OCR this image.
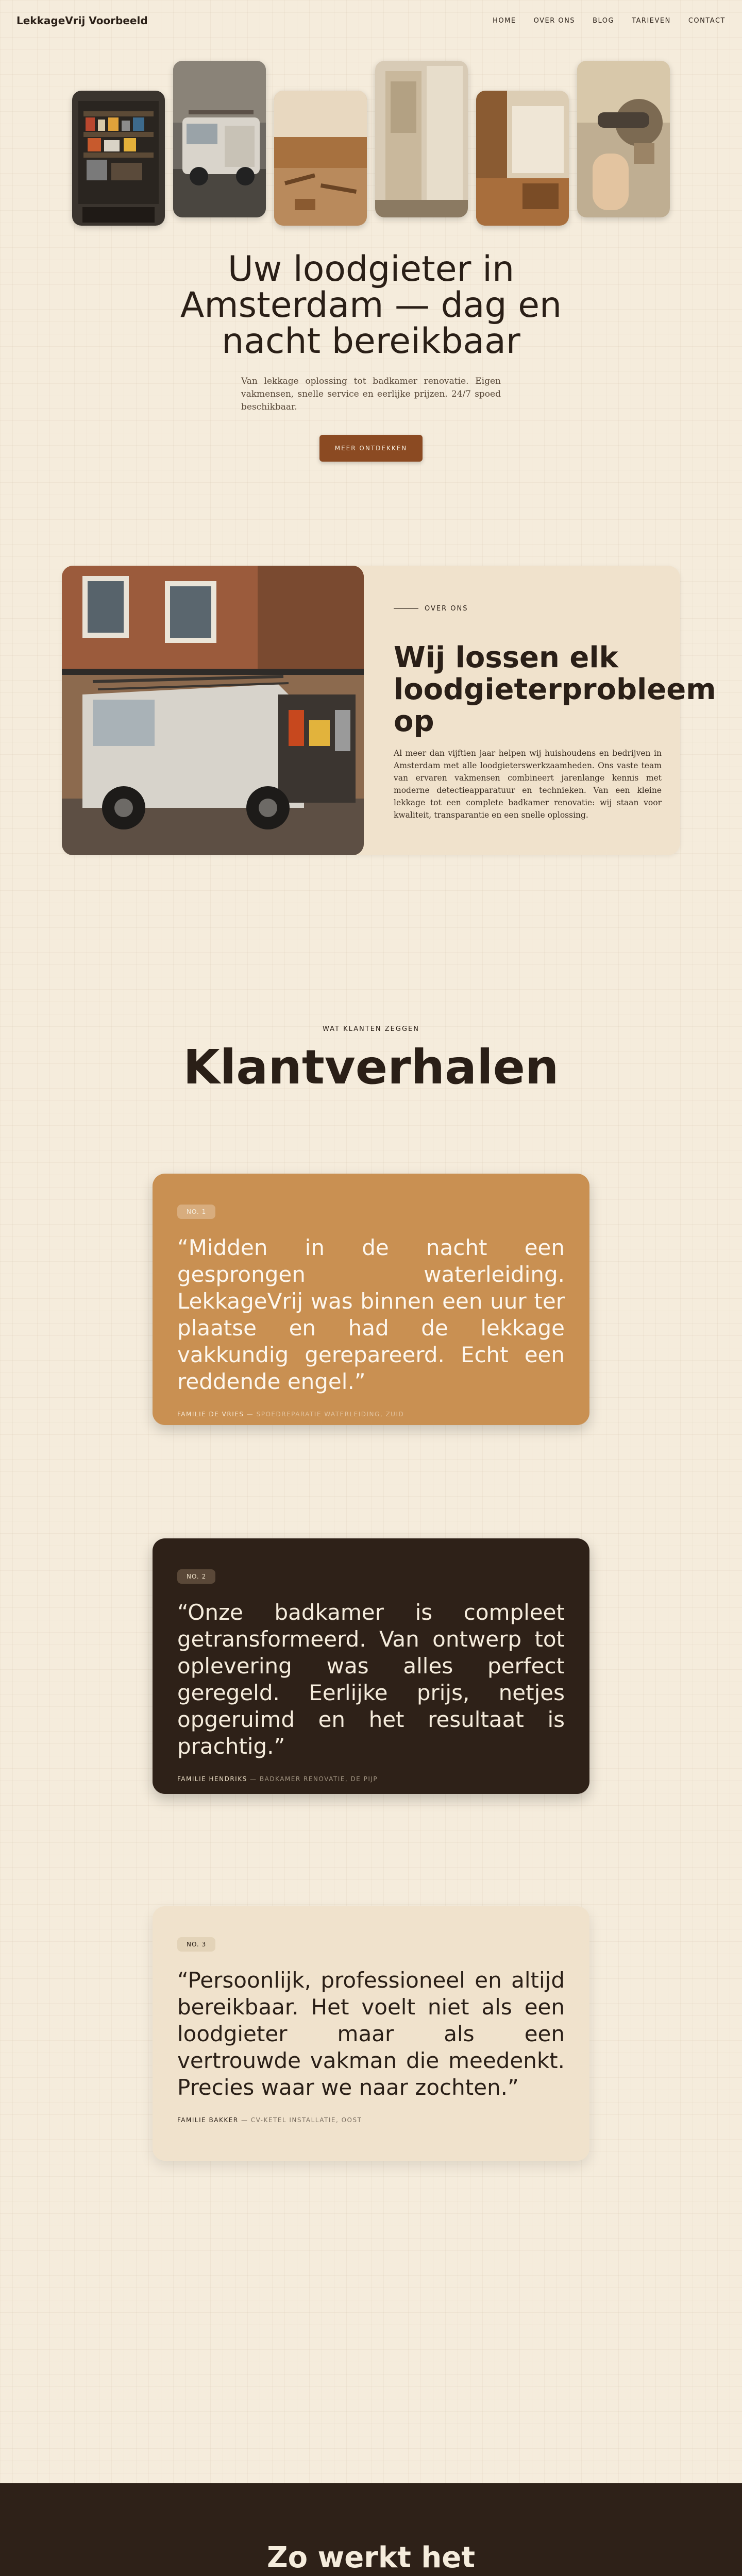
LekkageVrij Voorbeeld	HOME	OVER ONS	BLOG	TARIEVEN	CONTACT
Uw loodgieter in Amsterdam — dag en nacht bereikbaar

Van lekkage oplossing tot badkamer renovatie. Eigen vakmensen, snelle service en eerlijke prijzen. 24/7 spoed beschikbaar.

MEER ONTDEKKEN
OVER ONS
Wij lossen elk loodgieterprobleem op

Al meer dan vijftien jaar helpen wij huishoudens en bedrijven in Amsterdam met alle loodgieterswerkzaamheden. Ons vaste team van ervaren vakmensen combineert jarenlange kennis met moderne detectieapparatuur en technieken. Van een kleine lekkage tot een complete badkamer renovatie: wij staan voor kwaliteit, transparantie en een snelle oplossing.

WAT KLANTEN ZEGGEN
Klantverhalen
NO. 1

“Midden in de nacht een gesprongen waterleiding. LekkageVrij was binnen een uur ter plaatse en had de lekkage vakkundig gerepareerd. Echt een reddende engel.”

FAMILIE DE VRIES — SPOEDREPARATIE WATERLEIDING, ZUID

NO. 2

“Onze badkamer is compleet getransformeerd. Van ontwerp tot oplevering was alles perfect geregeld. Eerlijke prijs, netjes opgeruimd en het resultaat is prachtig.”

FAMILIE HENDRIKS — BADKAMER RENOVATIE, DE PIJP

NO. 3

“Persoonlijk, professioneel en altijd bereikbaar. Het voelt niet als een loodgieter maar als een vertrouwde vakman die meedenkt. Precies waar we naar zochten.”

FAMILIE BAKKER — CV-KETEL INSTALLATIE, OOST

Zo werkt het
